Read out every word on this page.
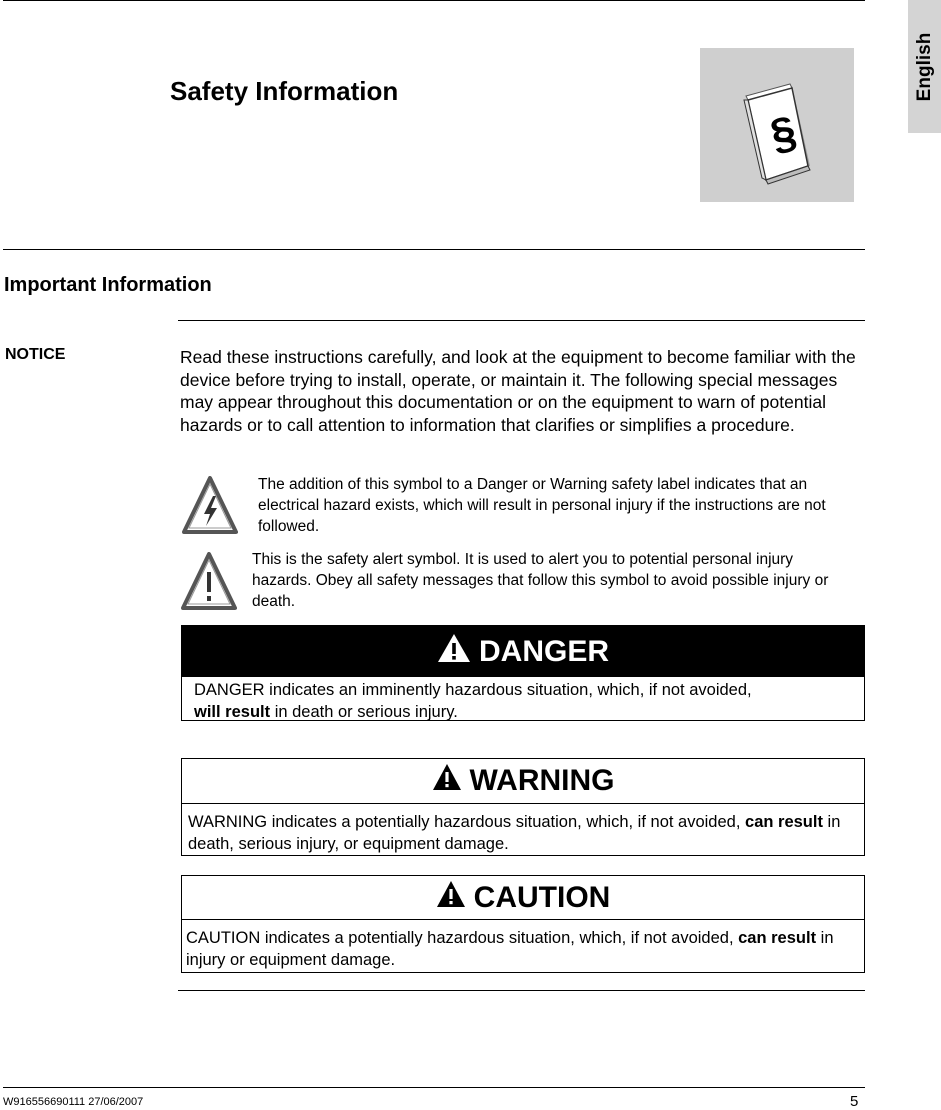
English
Safety Information
§
Important Information
NOTICE	Read these instructions carefully, and look at the equipment to become familiar with the device before trying to install, operate, or maintain it. The following special messages may appear throughout this documentation or on the equipment to warn of potential hazards or to call attention to information that clarifies or simplifies a procedure.
The addition of this symbol to a Danger or Warning safety label indicates that an electrical hazard exists, which will result in personal injury if the instructions are not followed.
This is the safety alert symbol. It is used to alert you to potential personal injury hazards. Obey all safety messages that follow this symbol to avoid possible injury or death.
DANGER
DANGER indicates an imminently hazardous situation, which, if not avoided,
will result in death or serious injury.
WARNING
WARNING indicates a potentially hazardous situation, which, if not avoided, can result in death, serious injury, or equipment damage.
CAUTION
CAUTION indicates a potentially hazardous situation, which, if not avoided, can result in injury or equipment damage.
W916556690111 27/06/2007	5
